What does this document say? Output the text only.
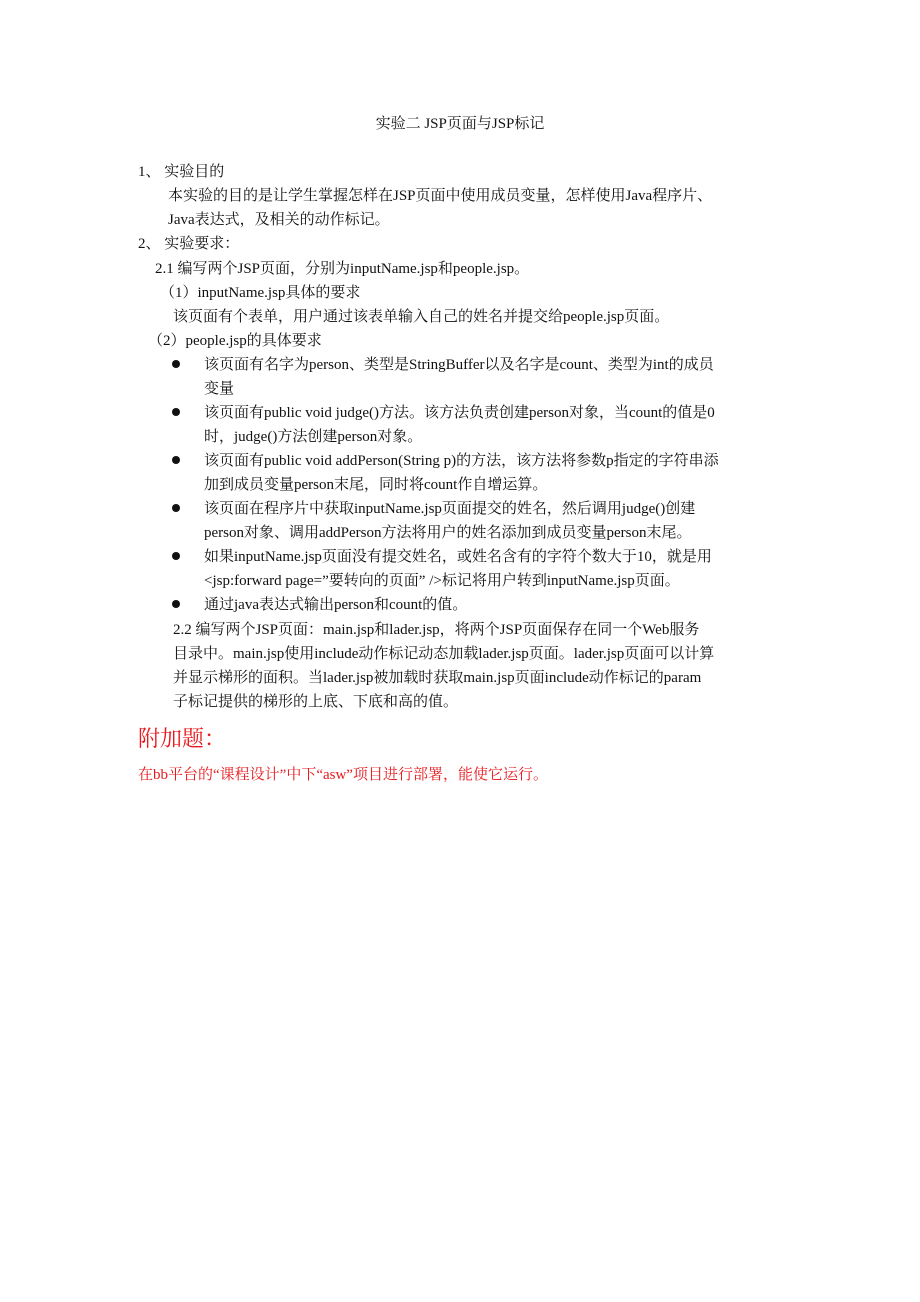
实验二 JSP页面与JSP标记
1、 实验目的
本实验的目的是让学生掌握怎样在JSP页面中使用成员变量，怎样使用Java程序片、
Java表达式，及相关的动作标记。
2、 实验要求：
2.1 编写两个JSP页面，分别为inputName.jsp和people.jsp。
（1）inputName.jsp具体的要求
该页面有个表单，用户通过该表单输入自己的姓名并提交给people.jsp页面。
（2）people.jsp的具体要求
该页面有名字为person、类型是StringBuffer以及名字是count、类型为int的成员
变量
该页面有public void judge()方法。该方法负责创建person对象，当count的值是0
时，judge()方法创建person对象。
该页面有public void addPerson(String p)的方法，该方法将参数p指定的字符串添
加到成员变量person末尾，同时将count作自增运算。
该页面在程序片中获取inputName.jsp页面提交的姓名，然后调用judge()创建
person对象、调用addPerson方法将用户的姓名添加到成员变量person末尾。
如果inputName.jsp页面没有提交姓名，或姓名含有的字符个数大于10，就是用
<jsp:forward page=”要转向的页面” />标记将用户转到inputName.jsp页面。
通过java表达式输出person和count的值。
2.2 编写两个JSP页面：main.jsp和lader.jsp，将两个JSP页面保存在同一个Web服务
目录中。main.jsp使用include动作标记动态加载lader.jsp页面。lader.jsp页面可以计算
并显示梯形的面积。当lader.jsp被加载时获取main.jsp页面include动作标记的param
子标记提供的梯形的上底、下底和高的值。
附加题：
在bb平台的“课程设计”中下“asw”项目进行部署，能使它运行。
